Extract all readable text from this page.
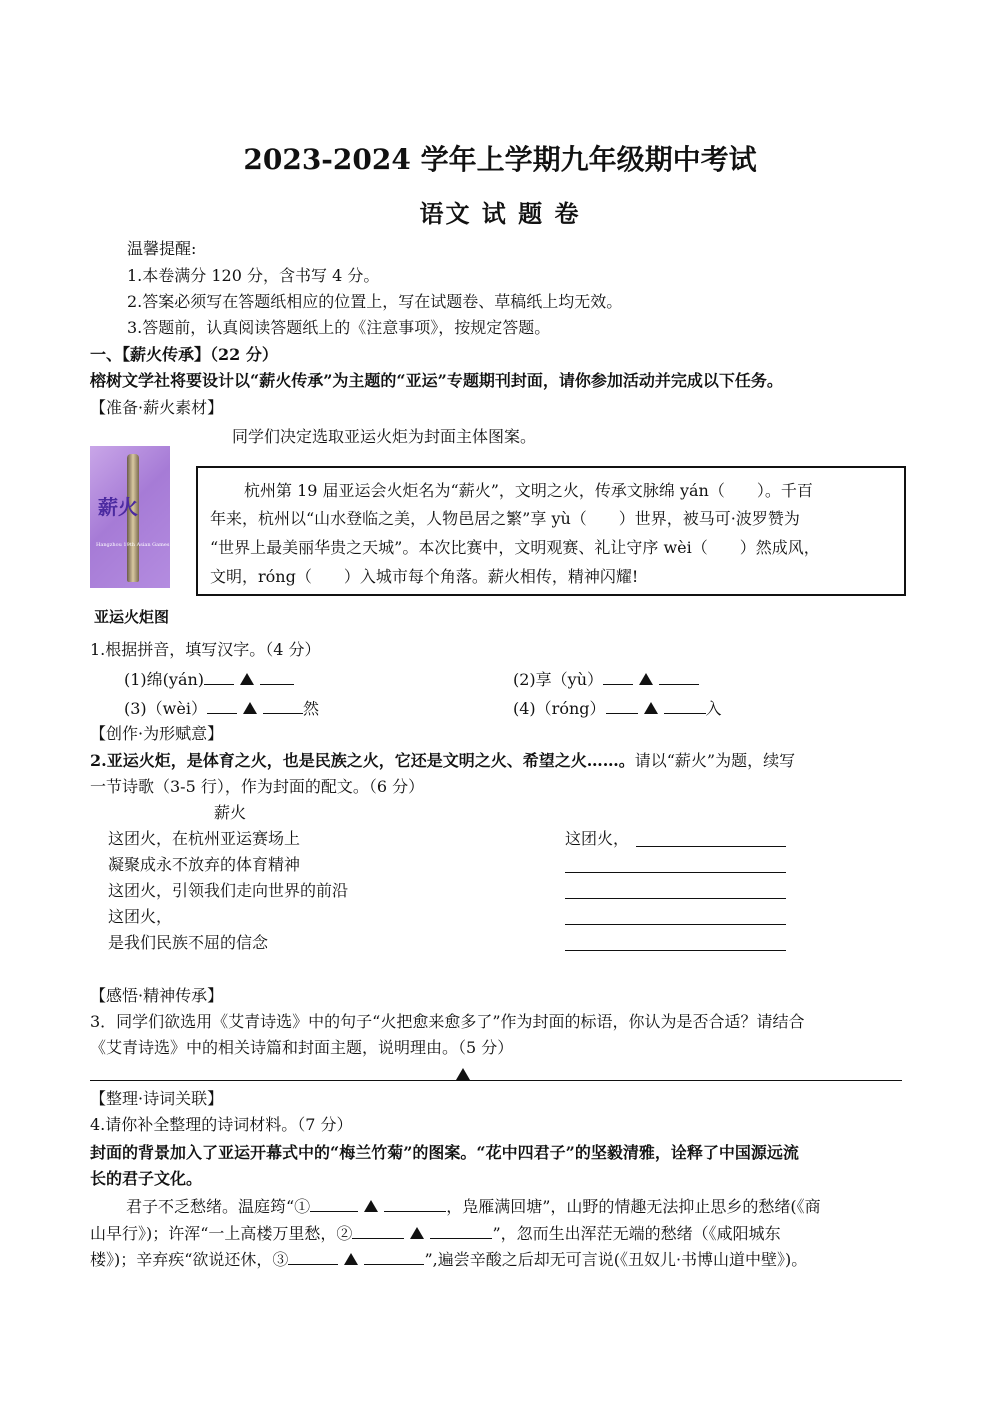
2023-2024 学年上学期九年级期中考试
语文 试 题 卷
温馨提醒:
1.本卷满分 120 分，含书写 4 分。
2.答案必须写在答题纸相应的位置上，写在试题卷、草稿纸上均无效。
3.答题前，认真阅读答题纸上的《注意事项》，按规定答题。
一、【薪火传承】（22 分）
榕树文学社将要设计以“薪火传承”为主题的“亚运”专题期刊封面，请你参加活动并完成以下任务。
【准备·薪火素材】
同学们决定选取亚运火炬为封面主体图案。
薪火
Hangzhou 19th Asian Games
杭州第 19 届亚运会火炬名为“薪火”，文明之火，传承文脉绵 yán（　　）。千百
年来，杭州以“山水登临之美，人物邑居之繁”享 yù（　　）世界，被马可·波罗赞为
“世界上最美丽华贵之天城”。本次比赛中，文明观赛、礼让守序 wèi（　　）然成风，
文明，róng（　　）入城市每个角落。薪火相传，精神闪耀!
亚运火炬图
1.根据拼音，填写汉字。（4 分）
(1)绵(yán)	(2)享（yù）
(3)（wèi）	然	(4)（róng）	入
【创作·为形赋意】
2.亚运火炬，是体育之火，也是民族之火，它还是文明之火、希望之火……。请以“薪火”为题，续写
一节诗歌（3-5 行），作为封面的配文。（6 分）
薪火
这团火，在杭州亚运赛场上
凝聚成永不放弃的体育精神
这团火，引领我们走向世界的前沿
这团火，
是我们民族不屈的信念
这团火，
【感悟·精神传承】
3．同学们欲选用《艾青诗选》中的句子“火把愈来愈多了”作为封面的标语，你认为是否合适？请结合
《艾青诗选》中的相关诗篇和封面主题，说明理由。（5 分）
【整理·诗词关联】
4.请你补全整理的诗词材料。（7 分）
封面的背景加入了亚运开幕式中的“梅兰竹菊”的图案。“花中四君子”的坚毅清雅，诠释了中国源远流
长的君子文化。
君子不乏愁绪。温庭筠“①	，凫雁满回塘”，山野的情趣无法抑止思乡的愁绪(《商
山早行》)；许浑“一上高楼万里愁，②	”，忽而生出浑茫无端的愁绪（《咸阳城东
楼》)；辛弃疾“欲说还休，③	”,遍尝辛酸之后却无可言说(《丑奴儿·书博山道中壁》)。
